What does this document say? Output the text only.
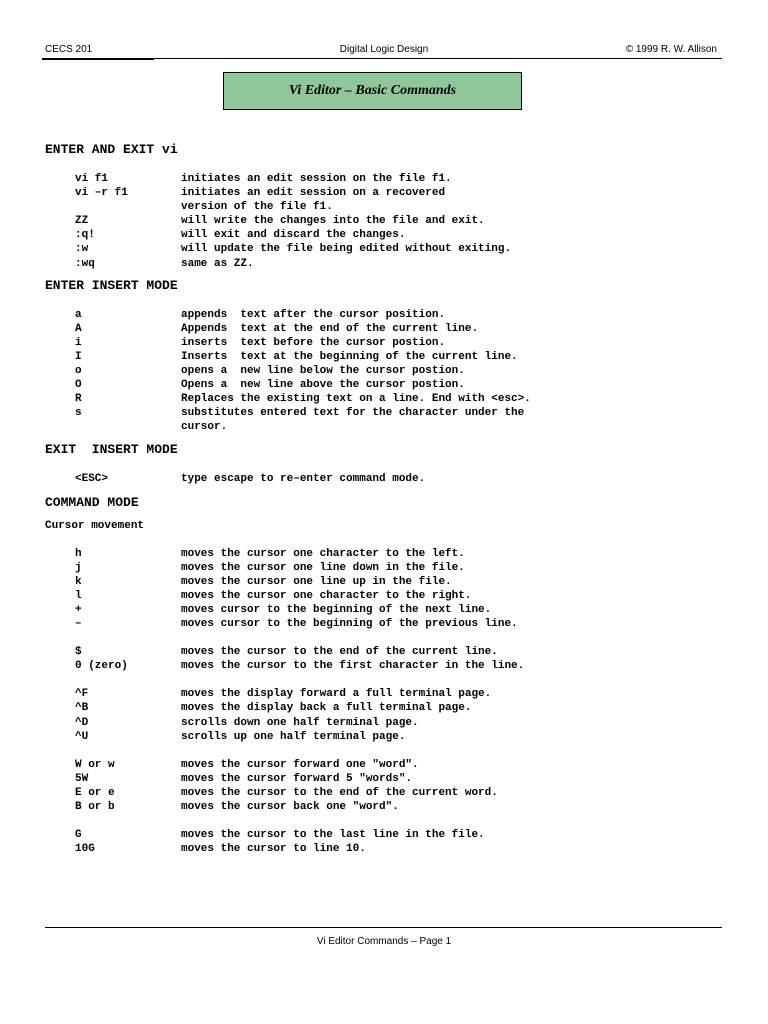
CECS 201	Digital Logic Design	© 1999 R. W. Allison
Vi Editor – Basic Commands
ENTER AND EXIT vi
vi f1	initiates an edit session on the file f1.
vi –r f1	initiates an edit session on a recovered
version of the file f1.
ZZ	will write the changes into the file and exit.
:q!	will exit and discard the changes.
:w	will update the file being edited without exiting.
:wq	same as ZZ.
ENTER INSERT MODE
a	appends  text after the cursor position.
A	Appends  text at the end of the current line.
i	inserts  text before the cursor postion.
I	Inserts  text at the beginning of the current line.
o	opens a  new line below the cursor postion.
O	Opens a  new line above the cursor postion.
R	Replaces the existing text on a line. End with <esc>.
s	substitutes entered text for the character under the
cursor.
EXIT  INSERT MODE
<ESC>	type escape to re–enter command mode.
COMMAND MODE
Cursor movement
h	moves the cursor one character to the left.
j	moves the cursor one line down in the file.
k	moves the cursor one line up in the file.
l	moves the cursor one character to the right.
+	moves cursor to the beginning of the next line.
–	moves cursor to the beginning of the previous line.
$	moves the cursor to the end of the current line.
0 (zero)	moves the cursor to the first character in the line.
^F	moves the display forward a full terminal page.
^B	moves the display back a full terminal page.
^D	scrolls down one half terminal page.
^U	scrolls up one half terminal page.
W or w	moves the cursor forward one "word".
5W	moves the cursor forward 5 "words".
E or e	moves the cursor to the end of the current word.
B or b	moves the cursor back one "word".
G	moves the cursor to the last line in the file.
10G	moves the cursor to line 10.
Vi Editor Commands – Page 1
